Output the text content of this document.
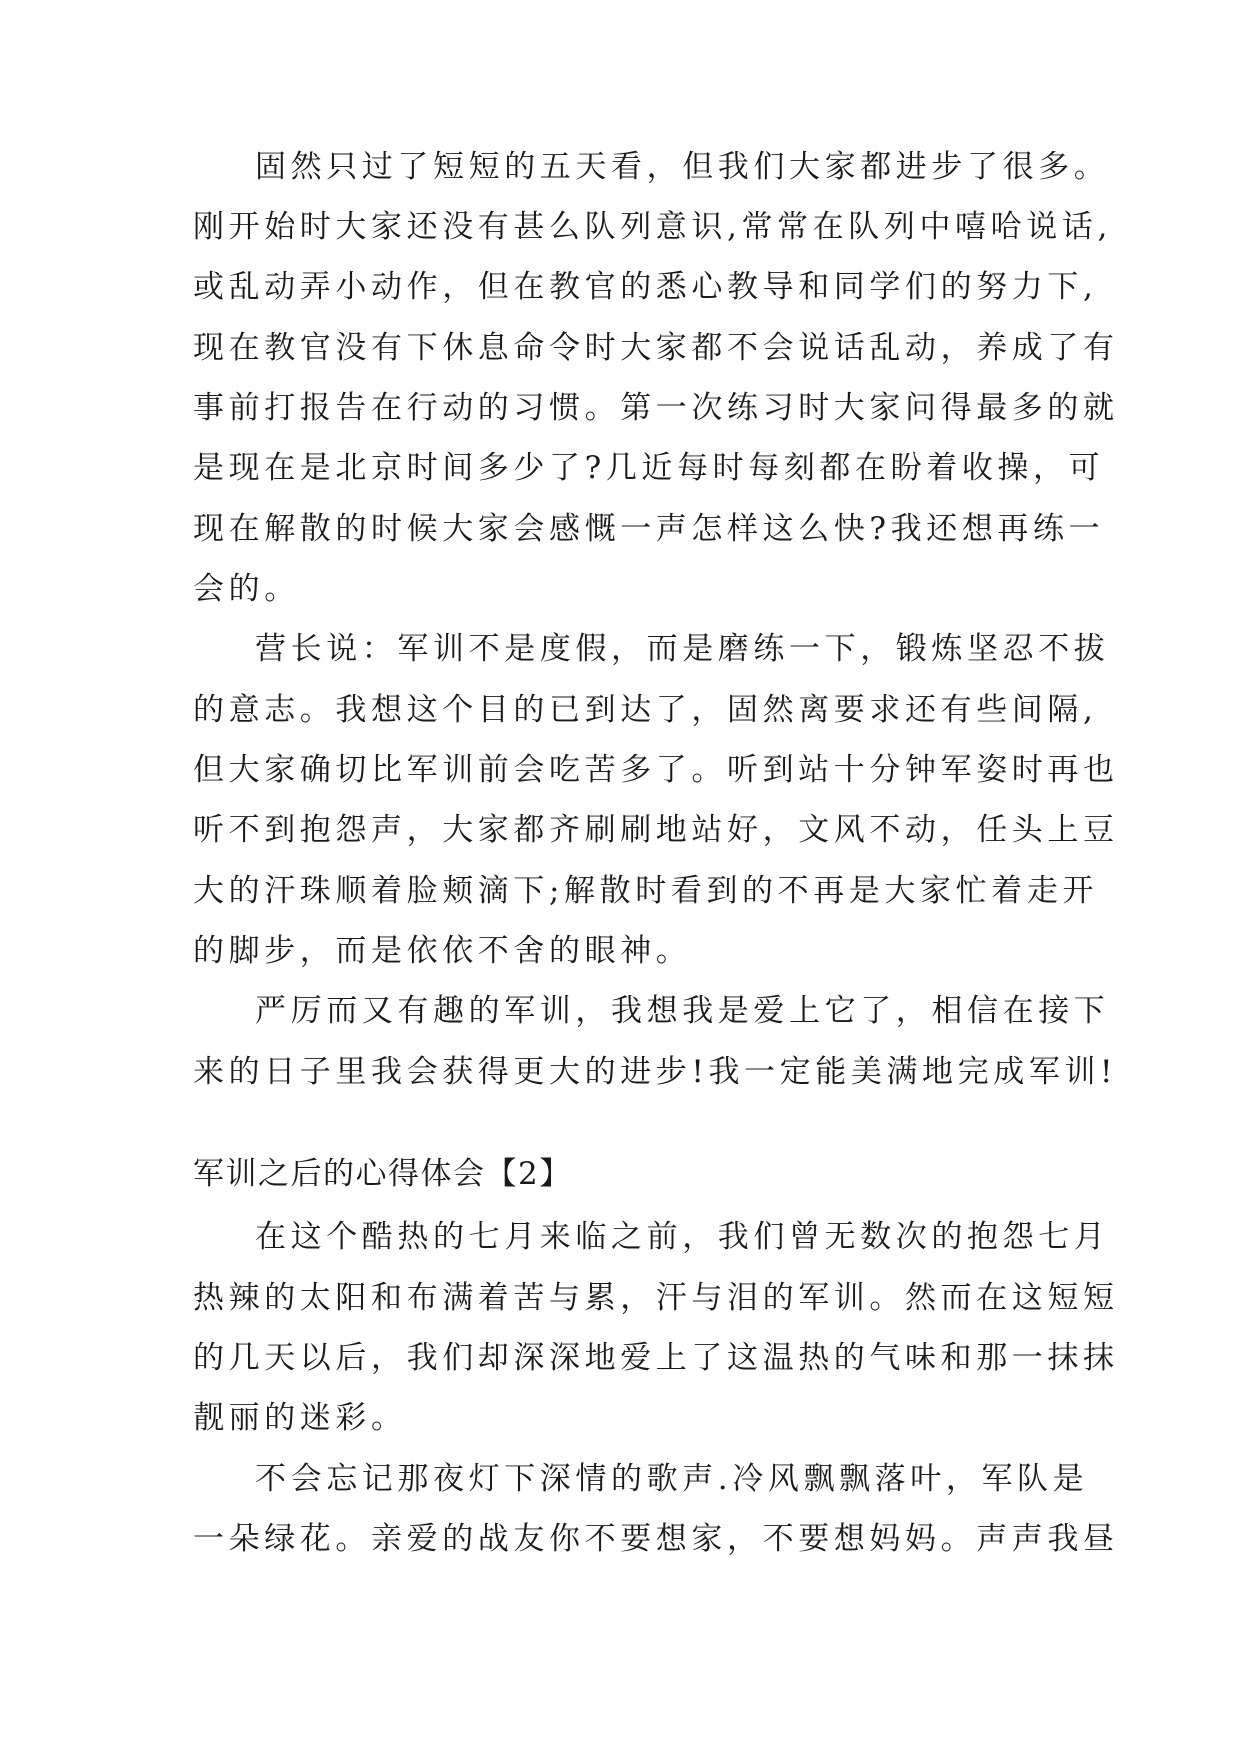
固然只过了短短的五天看，但我们大家都进步了很多。
刚开始时大家还没有甚么队列意识,常常在队列中嘻哈说话,
或乱动弄小动作，但在教官的悉心教导和同学们的努力下,
现在教官没有下休息命令时大家都不会说话乱动，养成了有
事前打报告在行动的习惯。第一次练习时大家问得最多的就
是现在是北京时间多少了?几近每时每刻都在盼着收操，可
现在解散的时候大家会感慨一声怎样这么快?我还想再练一
会的。
营长说：军训不是度假，而是磨练一下，锻炼坚忍不拔
的意志。我想这个目的已到达了，固然离要求还有些间隔,
但大家确切比军训前会吃苦多了。听到站十分钟军姿时再也
听不到抱怨声，大家都齐刷刷地站好，文风不动，任头上豆
大的汗珠顺着脸颊滴下;解散时看到的不再是大家忙着走开
的脚步，而是依依不舍的眼神。
严厉而又有趣的军训，我想我是爱上它了，相信在接下
来的日子里我会获得更大的进步!我一定能美满地完成军训!
军训之后的心得体会【2】
在这个酷热的七月来临之前，我们曾无数次的抱怨七月
热辣的太阳和布满着苦与累，汗与泪的军训。然而在这短短
的几天以后，我们却深深地爱上了这温热的气味和那一抹抹
靓丽的迷彩。
不会忘记那夜灯下深情的歌声.冷风飘飘落叶，军队是
一朵绿花。亲爱的战友你不要想家，不要想妈妈。声声我昼
